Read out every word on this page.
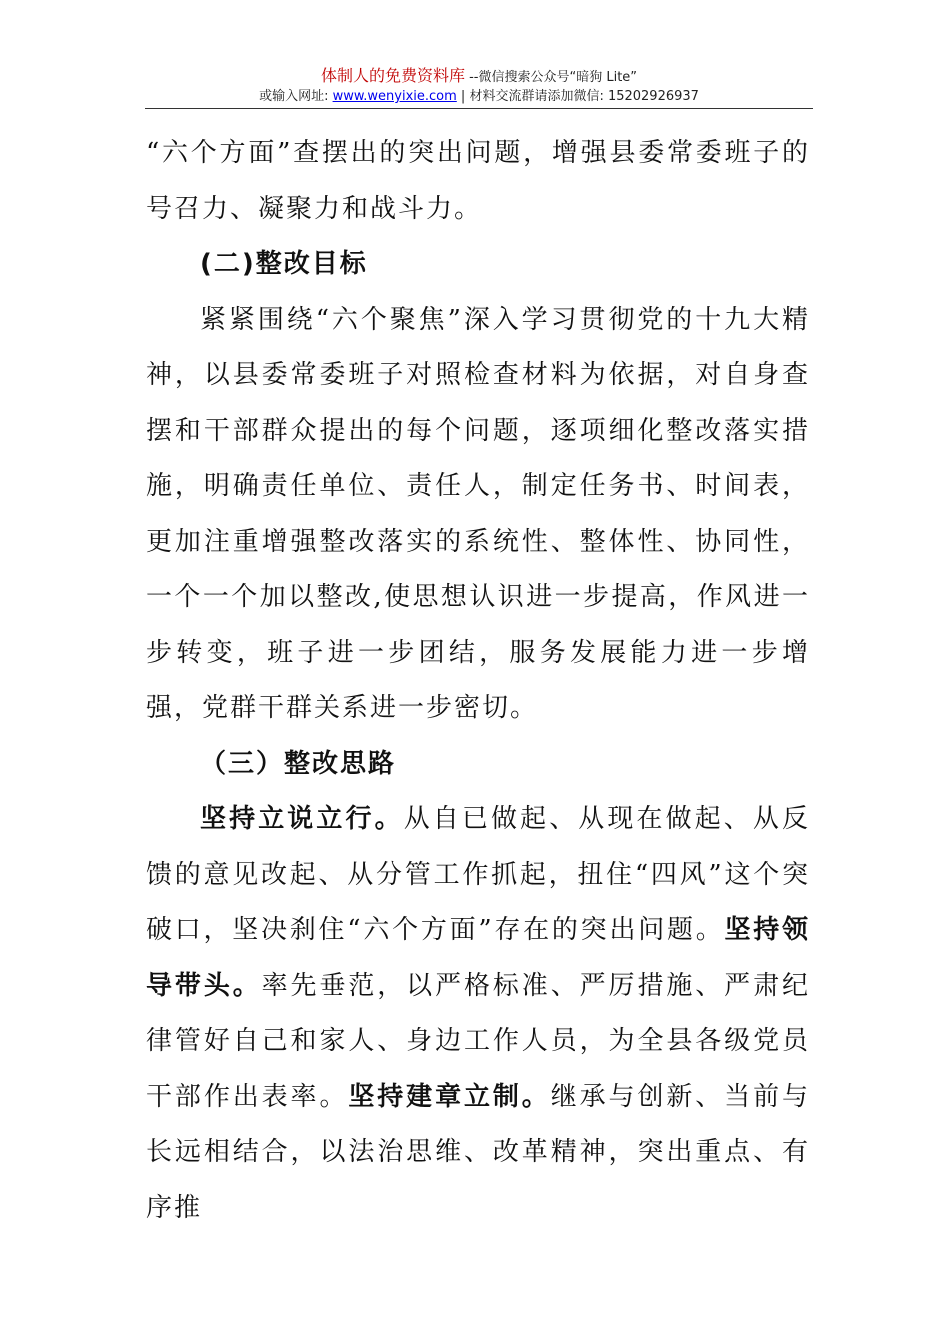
体制人的免费资料库 --微信搜索公众号“暗狗 Lite”
或输入网址: www.wenyixie.com | 材料交流群请添加微信: 15202926937

“六个方面”查摆出的突出问题，增强县委常委班子的号召力、凝聚力和战斗力。

(二)整改目标

紧紧围绕“六个聚焦”深入学习贯彻党的十九大精神，以县委常委班子对照检查材料为依据，对自身查摆和干部群众提出的每个问题，逐项细化整改落实措施，明确责任单位、责任人，制定任务书、时间表，更加注重增强整改落实的系统性、整体性、协同性，一个一个加以整改,使思想认识进一步提高，作风进一步转变，班子进一步团结，服务发展能力进一步增强，党群干群关系进一步密切。

（三）整改思路

坚持立说立行。从自已做起、从现在做起、从反馈的意见改起、从分管工作抓起，扭住“四风”这个突破口，坚决刹住“六个方面”存在的突出问题。坚持领导带头。率先垂范，以严格标准、严厉措施、严肃纪律管好自己和家人、身边工作人员，为全县各级党员干部作出表率。坚持建章立制。继承与创新、当前与长远相结合，以法治思维、改革精神，突出重点、有序推
